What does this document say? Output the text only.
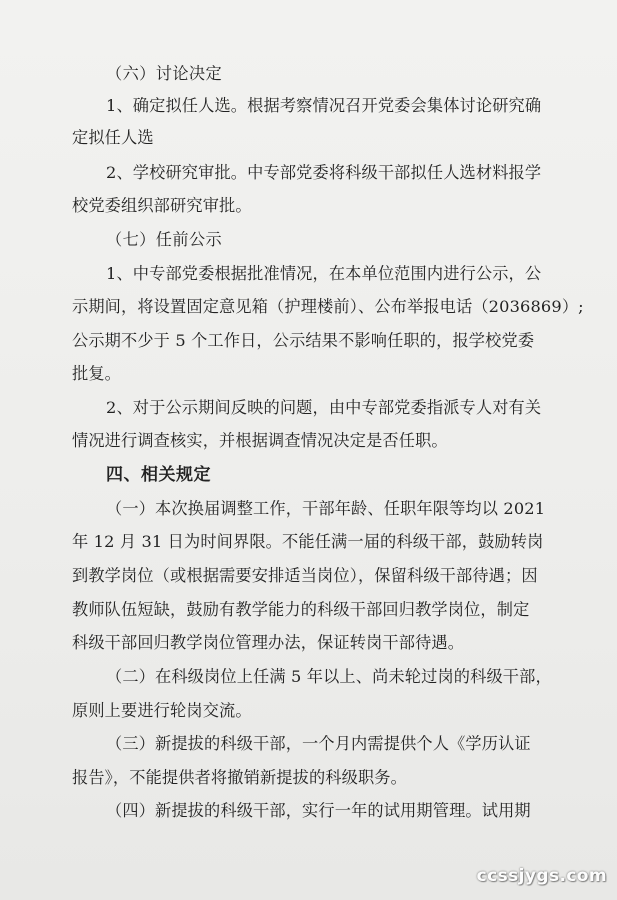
（六）讨论决定
1、确定拟任人选。根据考察情况召开党委会集体讨论研究确
定拟任人选
2、学校研究审批。中专部党委将科级干部拟任人选材料报学
校党委组织部研究审批。
（七）任前公示
1、中专部党委根据批准情况，在本单位范围内进行公示，公
示期间，将设置固定意见箱（护理楼前）、公布举报电话（2036869）;
公示期不少于 5 个工作日，公示结果不影响任职的，报学校党委
批复。
2、对于公示期间反映的问题，由中专部党委指派专人对有关
情况进行调查核实，并根据调查情况决定是否任职。
四、相关规定
（一）本次换届调整工作，干部年龄、任职年限等均以 2021
年 12 月 31 日为时间界限。不能任满一届的科级干部，鼓励转岗
到教学岗位（或根据需要安排适当岗位），保留科级干部待遇；因
教师队伍短缺，鼓励有教学能力的科级干部回归教学岗位，制定
科级干部回归教学岗位管理办法，保证转岗干部待遇。
（二）在科级岗位上任满 5 年以上、尚未轮过岗的科级干部，
原则上要进行轮岗交流。
（三）新提拔的科级干部，一个月内需提供个人《学历认证
报告》，不能提供者将撤销新提拔的科级职务。
（四）新提拔的科级干部，实行一年的试用期管理。试用期
ccssjygs.com
